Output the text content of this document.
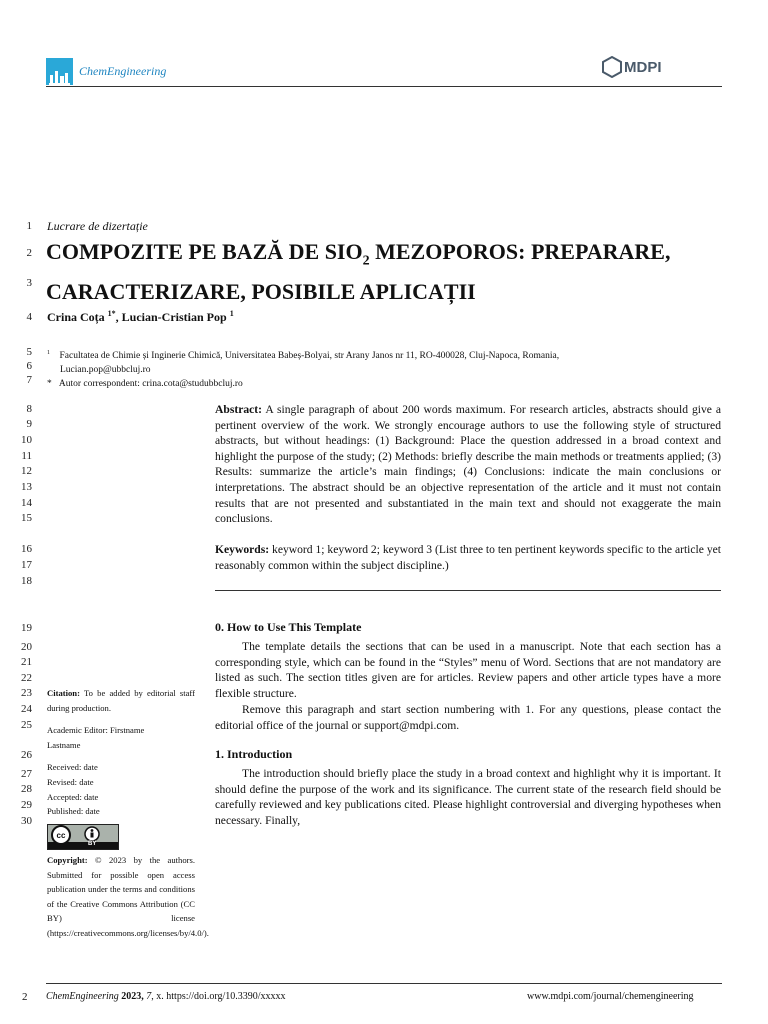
ChemEngineering	MDPI
1
2
3
4
5
6
7
8
9
10
11
12
13
14
15
16
17
18
19
20
21
22
23
24
25
26
27
28
29
30
Lucrare de dizertație
COMPOZITE PE BAZĂ DE $SIO_2$ MEZOPOROS: PREPARARE, CARACTERIZARE, POSIBILE APLICAȚII
Crina Coța $^{1*}$, Lucian-Cristian Pop $^1$
$^1$ Facultatea de Chimie și Inginerie Chimică, Universitatea Babeș-Bolyai, str Arany Janos nr 11, RO-400028, Cluj-Napoca, Romania,
Lucian.pop@ubbcluj.ro
* Autor correspondent: crina.cota@studubbcluj.ro
Abstract: A single paragraph of about 200 words maximum. For research articles, abstracts should give a pertinent overview of the work. We strongly encourage authors to use the following style of structured abstracts, but without headings: (1) Background: Place the question addressed in a broad context and highlight the purpose of the study; (2) Methods: briefly describe the main methods or treatments applied; (3) Results: summarize the article’s main findings; (4) Conclusions: indicate the main conclusions or interpretations. The abstract should be an objective representation of the article and it must not contain results that are not presented and substantiated in the main text and should not exaggerate the main conclusions.
Keywords: keyword 1; keyword 2; keyword 3 (List three to ten pertinent keywords specific to the article yet reasonably common within the subject discipline.)
0. How to Use This Template
The template details the sections that can be used in a manuscript. Note that each section has a corresponding style, which can be found in the “Styles” menu of Word. Sections that are not mandatory are listed as such. The section titles given are for articles. Review papers and other article types have a more flexible structure.
Remove this paragraph and start section numbering with 1. For any questions, please contact the editorial office of the journal or support@mdpi.com.
1. Introduction
The introduction should briefly place the study in a broad context and highlight why it is important. It should define the purpose of the work and its significance. The current state of the research field should be carefully reviewed and key publications cited. Please highlight controversial and diverging hypotheses when necessary. Finally,
Citation: To be added by editorial staff during production.
Academic Editor: Firstname Lastname
Received: date
Revised: date
Accepted: date
Published: date
cc
BY
Copyright: © 2023 by the authors. Submitted for possible open access publication under the terms and conditions of the Creative Commons Attribution (CC BY) license (https://creativecommons.org/licenses/by/4.0/).
2 ChemEngineering 2023, 7, x. https://doi.org/10.3390/xxxxx	www.mdpi.com/journal/chemengineering
